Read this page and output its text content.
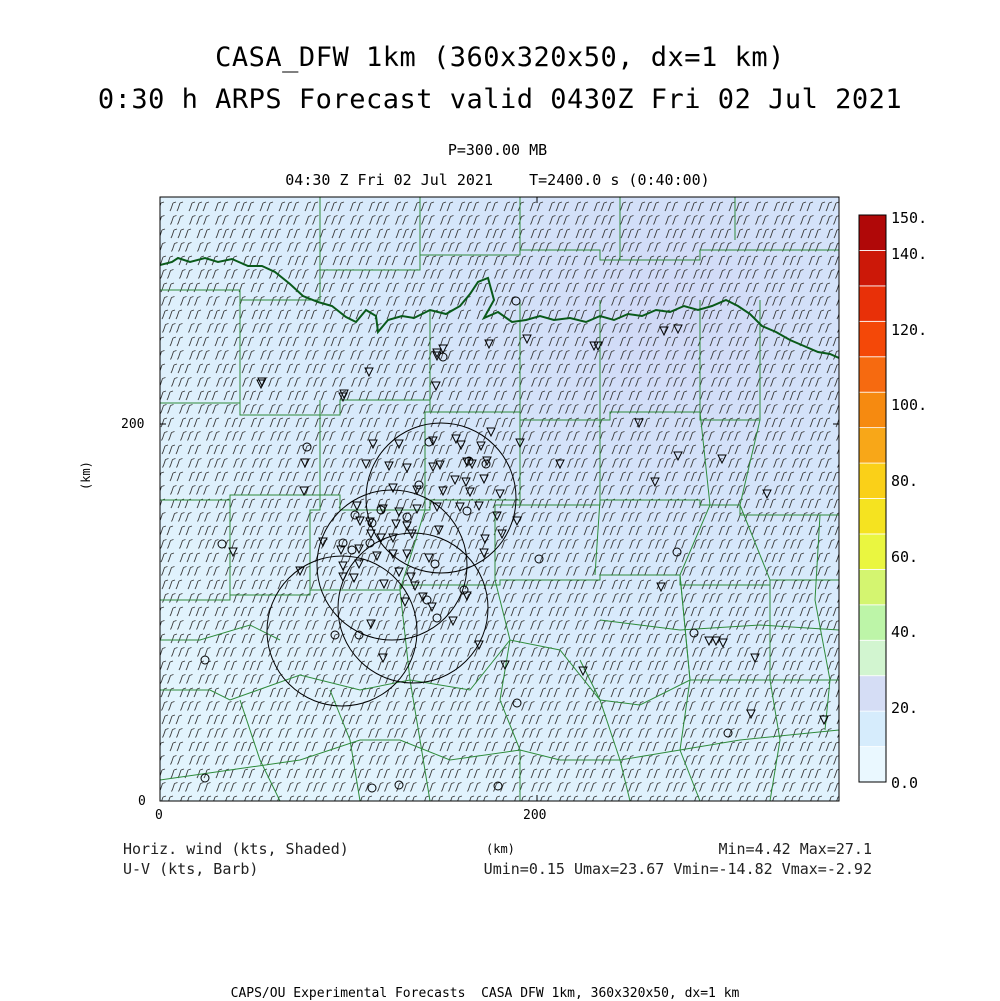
CASA_DFW 1km (360x320x50, dx=1 km)
0:30 h ARPS Forecast valid 0430Z Fri 02 Jul 2021
P=300.00 MB
04:30 Z Fri 02 Jul 2021    T=2400.0 s (0:40:00)
0	200
0
200
(km)
(km)
150.
140.
120.
100.
80.
60.
40.
20.
0.0
Horiz. wind (kts, Shaded)
U-V (kts, Barb)
Min=4.42 Max=27.1
Umin=0.15 Umax=23.67 Vmin=-14.82 Vmax=-2.92
CAPS/OU Experimental Forecasts  CASA DFW 1km, 360x320x50, dx=1 km
